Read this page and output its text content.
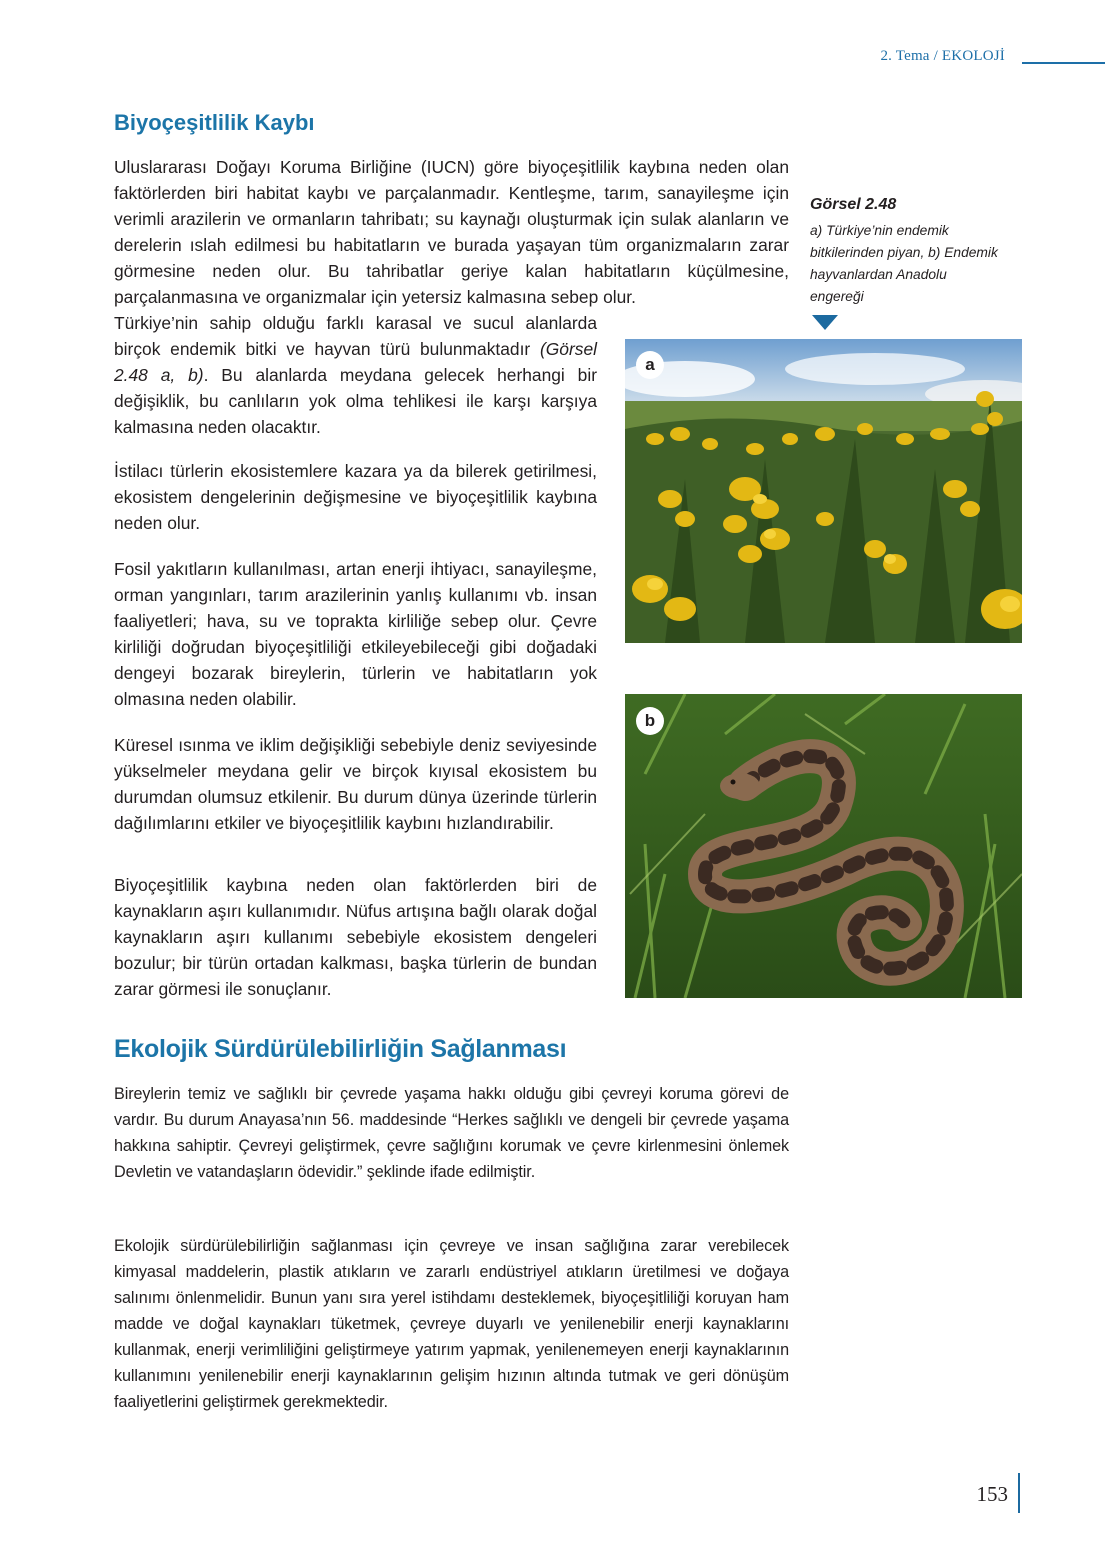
2. Tema / EKOLOJİ
Biyoçeşitlilik Kaybı

Uluslararası Doğayı Koruma Birliğine (IUCN) göre biyoçeşitlilik kaybına neden olan faktörlerden biri habitat kaybı ve parçalanmadır. Kentleşme, tarım, sanayileşme için verimli arazilerin ve ormanların tahribatı; su kaynağı oluşturmak için sulak alanların ve derelerin ıslah edilmesi bu habitatların ve burada yaşayan tüm organizmaların zarar görmesine neden olur. Bu tahribatlar geriye kalan habitatların küçülmesine, parçalanmasına ve organizmalar için yetersiz kalmasına sebep olur.
Türkiye’nin sahip olduğu farklı karasal ve sucul alanlarda birçok endemik bitki ve hayvan türü bulunmaktadır (Görsel 2.48 a, b). Bu alanlarda meydana gelecek herhangi bir değişiklik, bu canlıların yok olma tehlikesi ile karşı karşıya kalmasına neden olacaktır.

İstilacı türlerin ekosistemlere kazara ya da bilerek getirilmesi, ekosistem dengelerinin değişmesine ve biyoçeşitlilik kaybına neden olur.

Fosil yakıtların kullanılması, artan enerji ihtiyacı, sanayileşme, orman yangınları, tarım arazilerinin yanlış kullanımı vb. insan faaliyetleri; hava, su ve toprakta kirliliğe sebep olur. Çevre kirliliği doğrudan biyoçeşitliliği etkileyebileceği gibi doğadaki dengeyi bozarak bireylerin, türlerin ve habitatların yok olmasına neden olabilir.

Küresel ısınma ve iklim değişikliği sebebiyle deniz seviyesinde yükselmeler meydana gelir ve birçok kıyısal ekosistem bu durumdan olumsuz etkilenir. Bu durum dünya üzerinde türlerin dağılımlarını etkiler ve biyoçeşitlilik kaybını hızlandırabilir.

Biyoçeşitlilik kaybına neden olan faktörlerden biri de kaynakların aşırı kullanımıdır. Nüfus artışına bağlı olarak doğal kaynakların aşırı kullanımı sebebiyle ekosistem dengeleri bozulur; bir türün ortadan kalkması, başka türlerin de bundan zarar görmesi ile sonuçlanır.

Görsel 2.48

a) Türkiye’nin endemik bitkilerinden piyan, b) Endemik hayvanlardan Anadolu engereği

a
b
Ekolojik Sürdürülebilirliğin Sağlanması

Bireylerin temiz ve sağlıklı bir çevrede yaşama hakkı olduğu gibi çevreyi koruma görevi de vardır. Bu durum Anayasa’nın 56. maddesinde “Herkes sağlıklı ve dengeli bir çevrede yaşama hakkına sahiptir. Çevreyi geliştirmek, çevre sağlığını korumak ve çevre kirlenmesini önlemek Devletin ve vatandaşların ödevidir.” şeklinde ifade edilmiştir.

Ekolojik sürdürülebilirliğin sağlanması için çevreye ve insan sağlığına zarar verebilecek kimyasal maddelerin, plastik atıkların ve zararlı endüstriyel atıkların üretilmesi ve doğaya salınımı önlenmelidir. Bunun yanı sıra yerel istihdamı desteklemek, biyoçeşitliliği koruyan ham madde ve doğal kaynakları tüketmek, çevreye duyarlı ve yenilenebilir enerji kaynaklarını kullanmak, enerji verimliliğini geliştirmeye yatırım yapmak, yenilenemeyen enerji kaynaklarının kullanımını yenilenebilir enerji kaynaklarının gelişim hızının altında tutmak ve geri dönüşüm faaliyetlerini geliştirmek gerekmektedir.

153
